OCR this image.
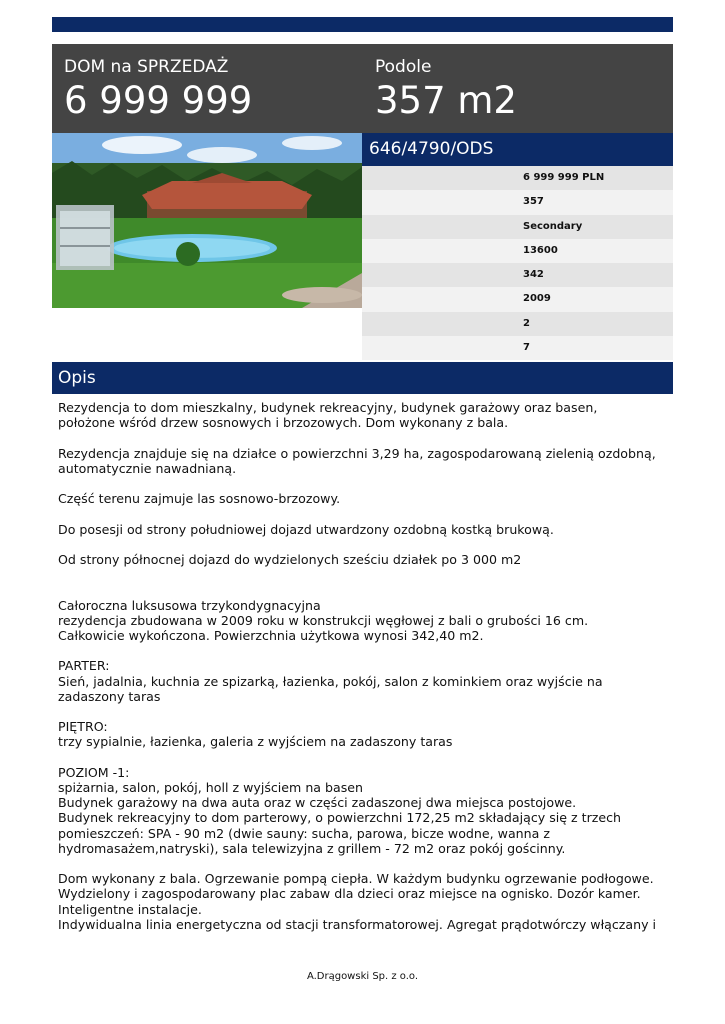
DOM na SPRZEDAŻ
6 999 999
Podole
357 m2
646/4790/ODS
6 999 999 PLN
357
Secondary
13600
342
2009
2
7
Opis

Rezydencja to dom mieszkalny, budynek rekreacyjny, budynek garażowy oraz basen, położone wśród drzew sosnowych i brzozowych. Dom wykonany z bala.

Rezydencja znajduje się na działce o powierzchni 3,29 ha, zagospodarowaną zielenią ozdobną, automatycznie nawadnianą.

Część terenu zajmuje las sosnowo-brzozowy.

Do posesji od strony południowej dojazd utwardzony ozdobną kostką brukową.

Od strony północnej dojazd do wydzielonych sześciu działek po 3 000 m2

Całoroczna luksusowa trzykondygnacyjna

rezydencja zbudowana w 2009 roku w konstrukcji węgłowej z bali o grubości 16 cm. Całkowicie wykończona. Powierzchnia użytkowa wynosi 342,40 m2.

PARTER:

Sień, jadalnia, kuchnia ze spizarką, łazienka, pokój, salon z kominkiem oraz wyjście na zadaszony taras

PIĘTRO:

trzy sypialnie, łazienka, galeria z wyjściem na zadaszony taras

POZIOM -1:

spiżarnia, salon, pokój, holl z wyjściem na basen

Budynek garażowy na dwa auta oraz w części zadaszonej dwa miejsca postojowe.

Budynek rekreacyjny to dom parterowy, o powierzchni 172,25 m2 składający się z trzech pomieszczeń: SPA - 90 m2 (dwie sauny: sucha, parowa, bicze wodne, wanna z hydromasażem,natryski), sala telewizyjna z grillem - 72 m2 oraz pokój gościnny.

Dom wykonany z bala. Ogrzewanie pompą ciepła. W każdym budynku ogrzewanie podłogowe.

Wydzielony i zagospodarowany plac zabaw dla dzieci oraz miejsce na ognisko. Dozór kamer.

Inteligentne instalacje.

Indywidualna linia energetyczna od stacji transformatorowej. Agregat prądotwórczy włączany i

A.Drągowski Sp. z o.o.
